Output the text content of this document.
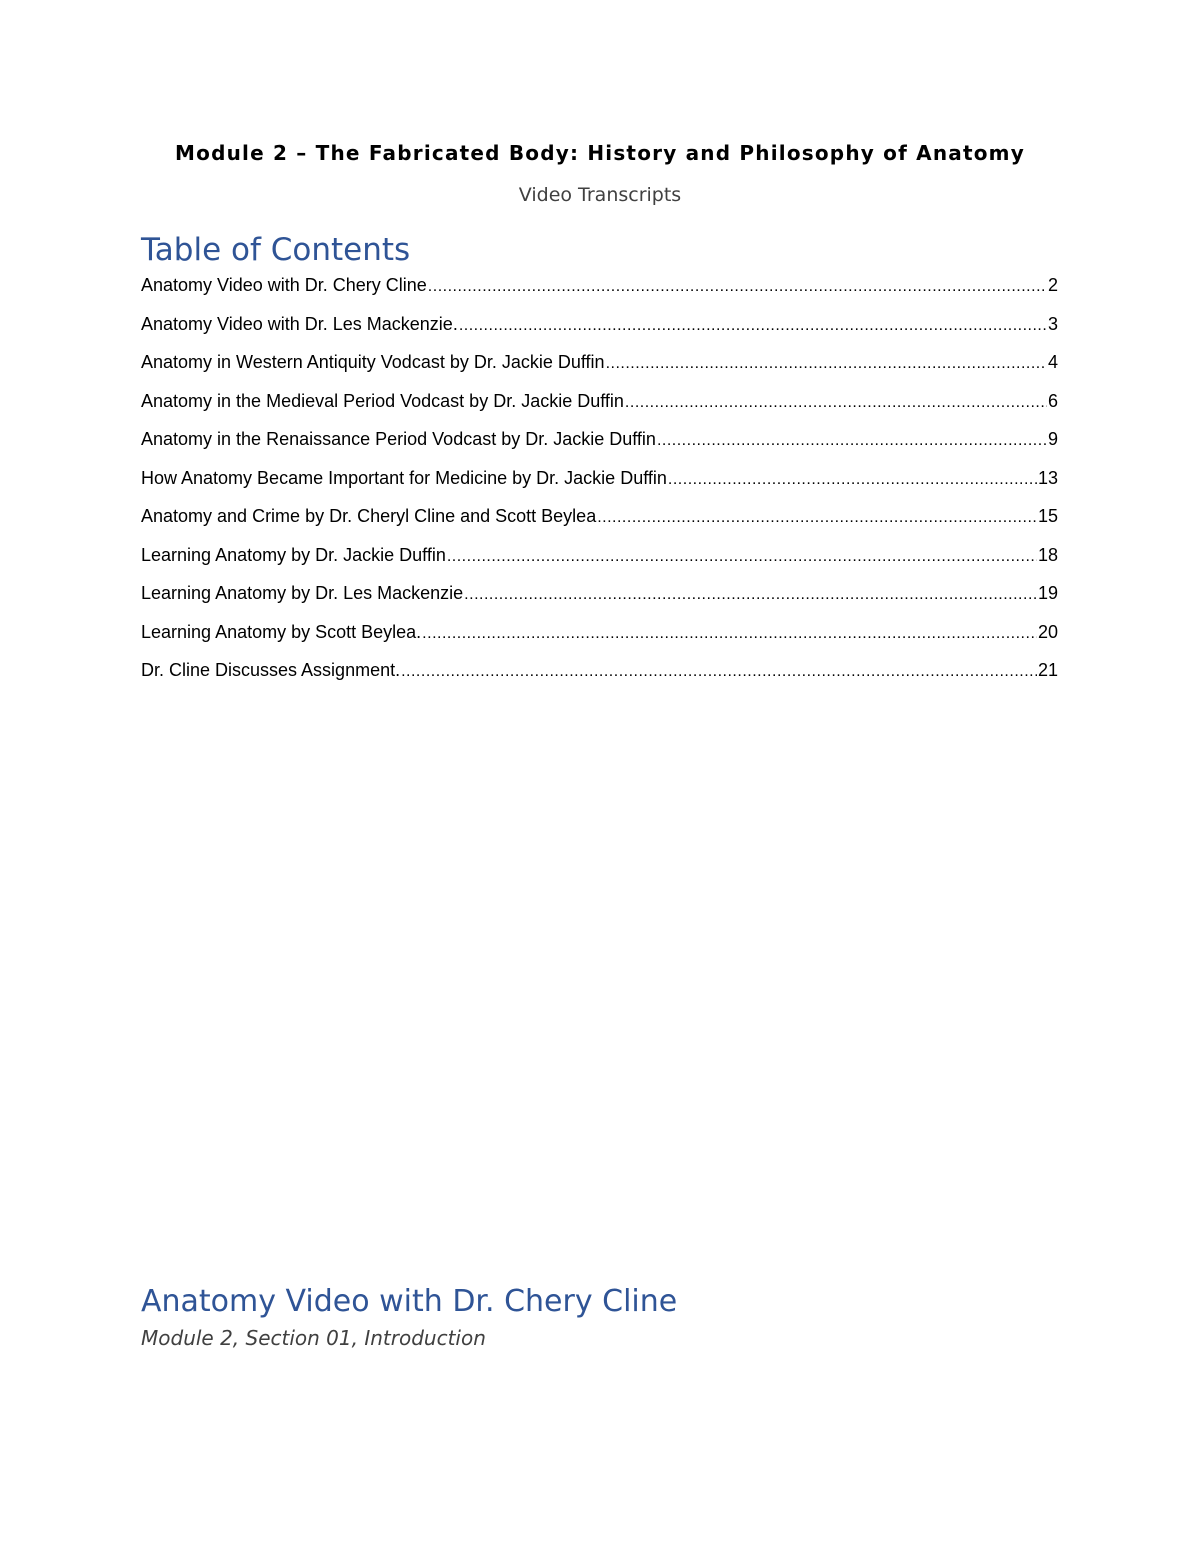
Module 2 – The Fabricated Body: History and Philosophy of Anatomy
Video Transcripts
Table of Contents
Anatomy Video with Dr. Chery Cline .....	2
Anatomy Video with Dr. Les Mackenzie. .....	3
Anatomy in Western Antiquity Vodcast by Dr. Jackie Duffin .....	4
Anatomy in the Medieval Period Vodcast by Dr. Jackie Duffin .....	6
Anatomy in the Renaissance Period Vodcast by Dr. Jackie Duffin .....	9
How Anatomy Became Important for Medicine by Dr. Jackie Duffin .....	13
Anatomy and Crime by Dr. Cheryl Cline and Scott Beylea .....	15
Learning Anatomy by Dr. Jackie Duffin .....	18
Learning Anatomy by Dr. Les Mackenzie .....	19
Learning Anatomy by Scott Beylea. .....	20
Dr. Cline Discusses Assignment. .....	21
Anatomy Video with Dr. Chery Cline
Module 2, Section 01, Introduction
